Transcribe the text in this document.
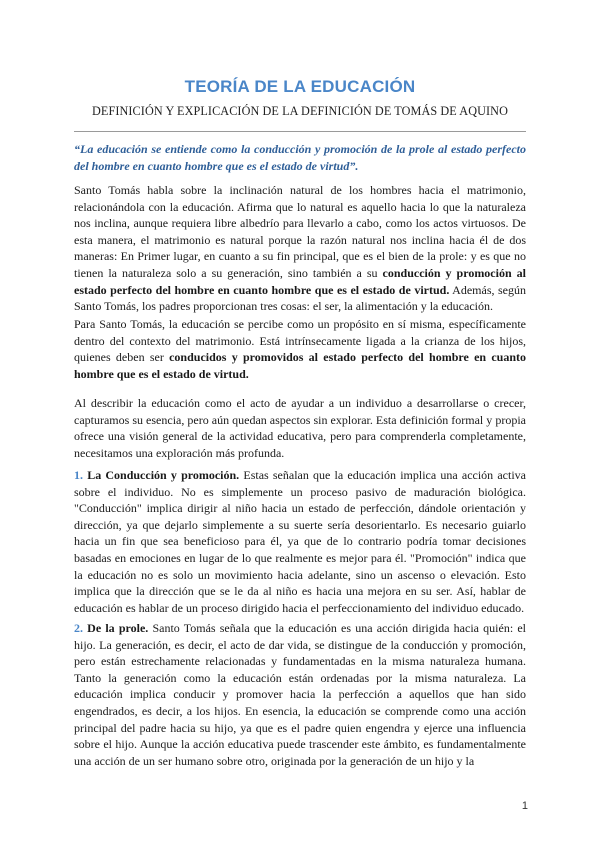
TEORÍA DE LA EDUCACIÓN

DEFINICIÓN Y EXPLICACIÓN DE LA DEFINICIÓN DE TOMÁS DE AQUINO

“La educación se entiende como la conducción y promoción de la prole al estado perfecto del hombre en cuanto hombre que es el estado de virtud”.

Santo Tomás habla sobre la inclinación natural de los hombres hacia el matrimonio, relacionándola con la educación. Afirma que lo natural es aquello hacia lo que la naturaleza nos inclina, aunque requiera libre albedrío para llevarlo a cabo, como los actos virtuosos. De esta manera, el matrimonio es natural porque la razón natural nos inclina hacia él de dos maneras: En Primer lugar, en cuanto a su fin principal, que es el bien de la prole: y es que no tienen la naturaleza solo a su generación, sino también a su conducción y promoción al estado perfecto del hombre en cuanto hombre que es el estado de virtud. Además, según Santo Tomás, los padres proporcionan tres cosas: el ser, la alimentación y la educación.

Para Santo Tomás, la educación se percibe como un propósito en sí misma, específicamente dentro del contexto del matrimonio. Está intrínsecamente ligada a la crianza de los hijos, quienes deben ser conducidos y promovidos al estado perfecto del hombre en cuanto hombre que es el estado de virtud.

Al describir la educación como el acto de ayudar a un individuo a desarrollarse o crecer, capturamos su esencia, pero aún quedan aspectos sin explorar. Esta definición formal y propia ofrece una visión general de la actividad educativa, pero para comprenderla completamente, necesitamos una exploración más profunda.

1. La Conducción y promoción. Estas señalan que la educación implica una acción activa sobre el individuo. No es simplemente un proceso pasivo de maduración biológica. "Conducción" implica dirigir al niño hacia un estado de perfección, dándole orientación y dirección, ya que dejarlo simplemente a su suerte sería desorientarlo. Es necesario guiarlo hacia un fin que sea beneficioso para él, ya que de lo contrario podría tomar decisiones basadas en emociones en lugar de lo que realmente es mejor para él. "Promoción" indica que la educación no es solo un movimiento hacia adelante, sino un ascenso o elevación. Esto implica que la dirección que se le da al niño es hacia una mejora en su ser. Así, hablar de educación es hablar de un proceso dirigido hacia el perfeccionamiento del individuo educado.

2. De la prole. Santo Tomás señala que la educación es una acción dirigida hacia quién: el hijo. La generación, es decir, el acto de dar vida, se distingue de la conducción y promoción, pero están estrechamente relacionadas y fundamentadas en la misma naturaleza humana. Tanto la generación como la educación están ordenadas por la misma naturaleza. La educación implica conducir y promover hacia la perfección a aquellos que han sido engendrados, es decir, a los hijos. En esencia, la educación se comprende como una acción principal del padre hacia su hijo, ya que es el padre quien engendra y ejerce una influencia sobre el hijo. Aunque la acción educativa puede trascender este ámbito, es fundamentalmente una acción de un ser humano sobre otro, originada por la generación de un hijo y la

1
